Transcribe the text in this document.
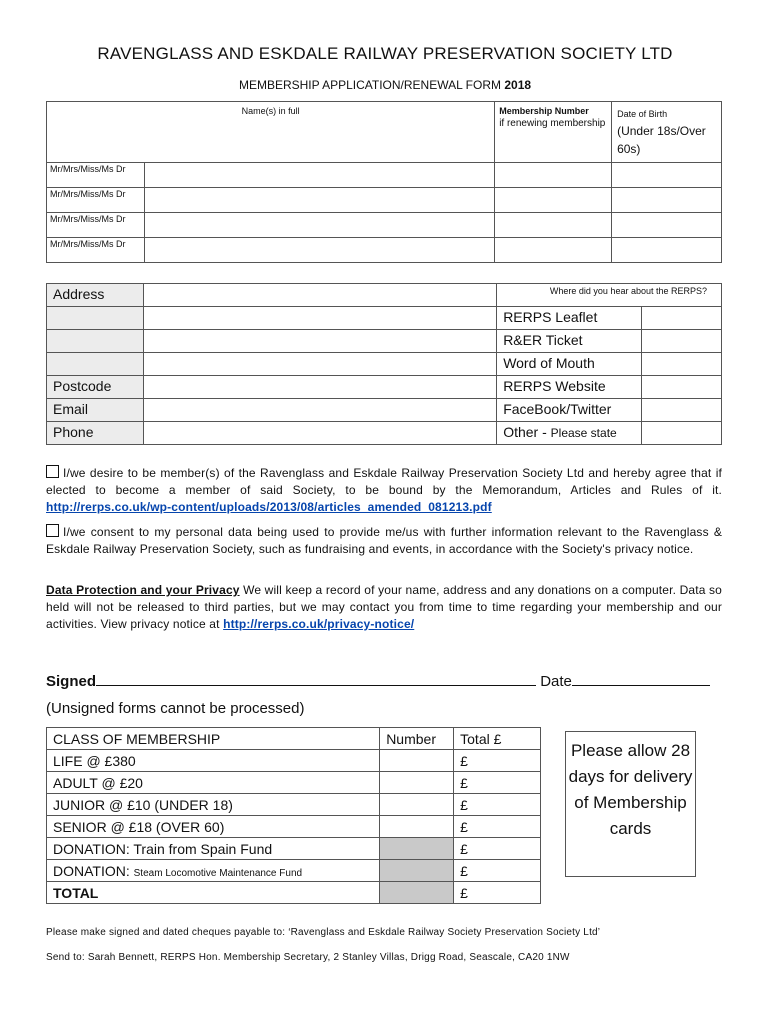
RAVENGLASS AND ESKDALE RAILWAY PRESERVATION SOCIETY LTD
MEMBERSHIP APPLICATION/RENEWAL FORM 2018
Name(s) in full		Membership Number
if renewing membership	Date of Birth
(Under 18s/Over 60s)
Mr/Mrs/Miss/Ms Dr			
Mr/Mrs/Miss/Ms Dr			
Mr/Mrs/Miss/Ms Dr			
Mr/Mrs/Miss/Ms Dr			
Address		Where did you hear about the RERPS?	
		RERPS Leaflet	
		R&ER Ticket	
		Word of Mouth	
Postcode		RERPS Website	
Email		FaceBook/Twitter	
Phone		Other - Please state	
I/we desire to be member(s) of the Ravenglass and Eskdale Railway Preservation Society Ltd and hereby agree that if elected to become a member of said Society, to be bound by the Memorandum, Articles and Rules of it. http://rerps.co.uk/wp-content/uploads/2013/08/articles_amended_081213.pdf
I/we consent to my personal data being used to provide me/us with further information relevant to the Ravenglass & Eskdale Railway Preservation Society, such as fundraising and events, in accordance with the Society's privacy notice.
Data Protection and your Privacy We will keep a record of your name, address and any donations on a computer. Data so held will not be released to third parties, but we may contact you from time to time regarding your membership and our activities. View privacy notice at http://rerps.co.uk/privacy-notice/
Signed	Date
(Unsigned forms cannot be processed)
CLASS OF MEMBERSHIP	Number	Total £
LIFE @ £380		£
ADULT @ £20		£
JUNIOR @ £10 (UNDER 18)		£
SENIOR @ £18 (OVER 60)		£
DONATION: Train from Spain Fund		£
DONATION: Steam Locomotive Maintenance Fund		£
TOTAL		£
Please allow 28 days for delivery of Membership cards
Please make signed and dated cheques payable to: ‘Ravenglass and Eskdale Railway Society Preservation Society Ltd’
Send to: Sarah Bennett, RERPS Hon. Membership Secretary, 2 Stanley Villas, Drigg Road, Seascale, CA20 1NW
